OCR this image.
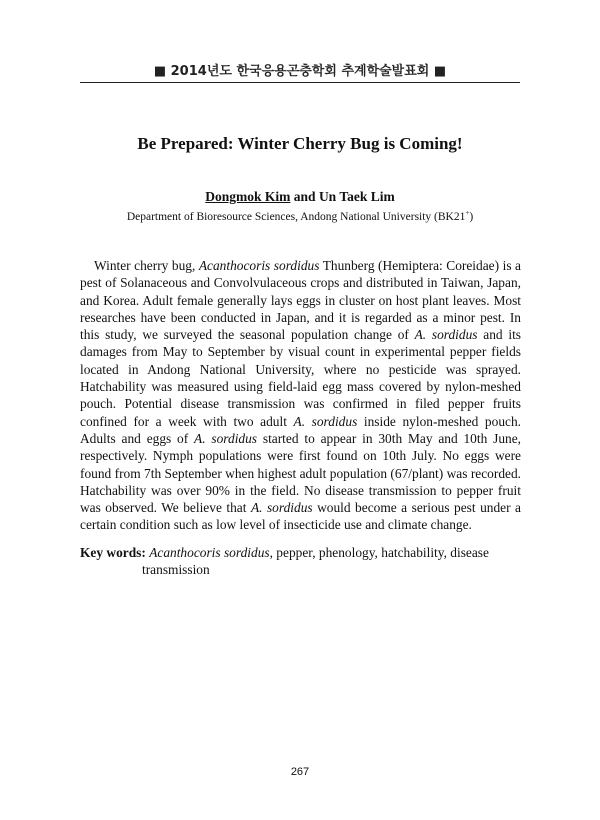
■ 2014년도 한국응용곤충학회 추계학술발표회 ■
Be Prepared: Winter Cherry Bug is Coming!
Dongmok Kim and Un Taek Lim
Department of Bioresource Sciences, Andong National University (BK21+)
Winter cherry bug, Acanthocoris sordidus Thunberg (Hemiptera: Coreidae) is a pest of Solanaceous and Convolvulaceous crops and distributed in Taiwan, Japan, and Korea. Adult female generally lays eggs in cluster on host plant leaves. Most researches have been conducted in Japan, and it is regarded as a minor pest. In this study, we surveyed the seasonal population change of A. sordidus and its damages from May to September by visual count in experimental pepper fields located in Andong National University, where no pesticide was sprayed. Hatchability was measured using field-laid egg mass covered by nylon-meshed pouch. Potential disease transmission was confirmed in filed pepper fruits confined for a week with two adult A. sordidus inside nylon-meshed pouch. Adults and eggs of A. sordidus started to appear in 30th May and 10th June, respectively. Nymph populations were first found on 10th July. No eggs were found from 7th September when highest adult population (67/plant) was recorded. Hatchability was over 90% in the field. No disease transmission to pepper fruit was observed. We believe that A. sordidus would become a serious pest under a certain condition such as low level of insecticide use and climate change.
Key words: Acanthocoris sordidus, pepper, phenology, hatchability, disease transmission
267
